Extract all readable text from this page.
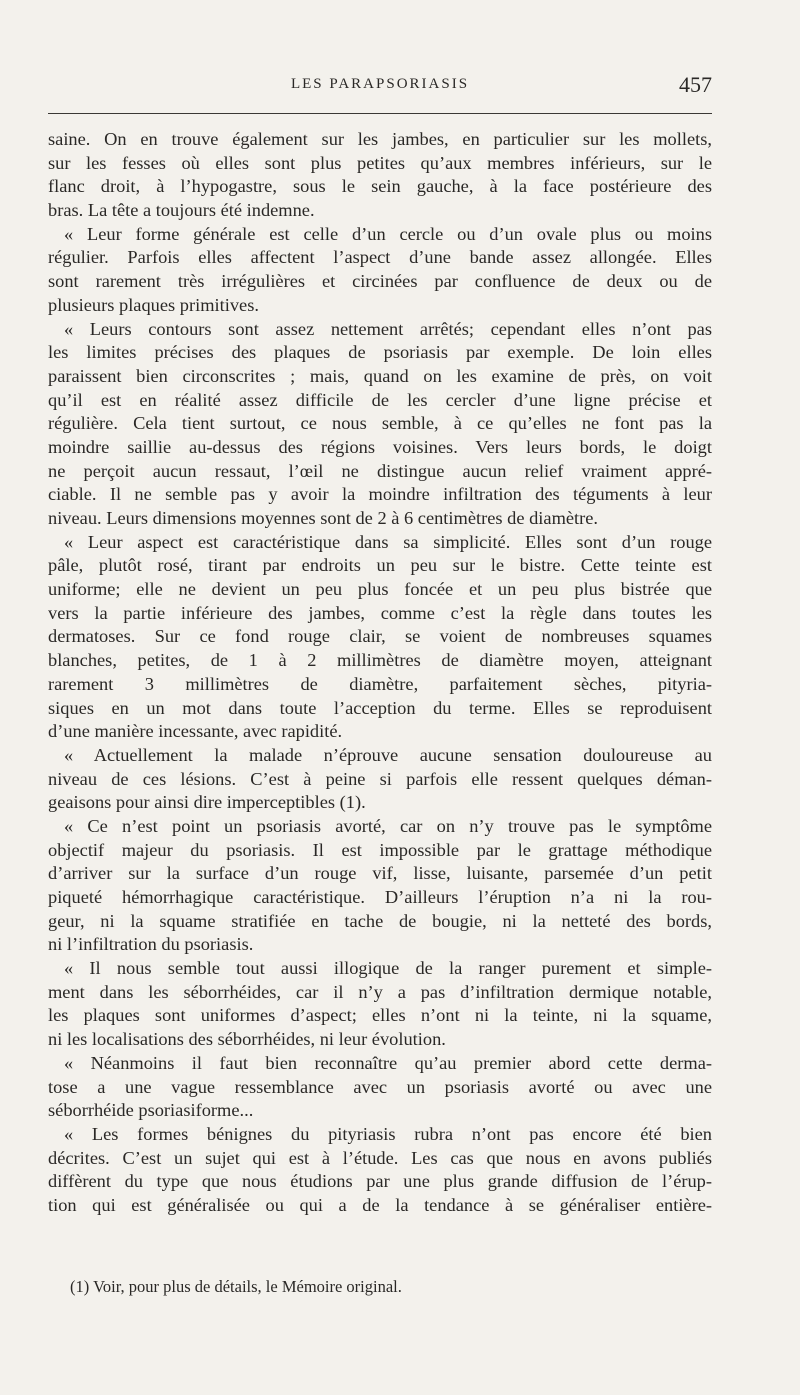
LES PARAPSORIASIS	457
saine. On en trouve également sur les jambes, en particulier sur les mollets,
sur les fesses où elles sont plus petites qu’aux membres inférieurs, sur le
flanc droit, à l’hypogastre, sous le sein gauche, à la face postérieure des
bras. La tête a toujours été indemne.
« Leur forme générale est celle d’un cercle ou d’un ovale plus ou moins
régulier. Parfois elles affectent l’aspect d’une bande assez allongée. Elles
sont rarement très irrégulières et circinées par confluence de deux ou de
plusieurs plaques primitives.
« Leurs contours sont assez nettement arrêtés; cependant elles n’ont pas
les limites précises des plaques de psoriasis par exemple. De loin elles
paraissent bien circonscrites ; mais, quand on les examine de près, on voit
qu’il est en réalité assez difficile de les cercler d’une ligne précise et
régulière. Cela tient surtout, ce nous semble, à ce qu’elles ne font pas la
moindre saillie au-dessus des régions voisines. Vers leurs bords, le doigt
ne perçoit aucun ressaut, l’œil ne distingue aucun relief vraiment appré-
ciable. Il ne semble pas y avoir la moindre infiltration des téguments à leur
niveau. Leurs dimensions moyennes sont de 2 à 6 centimètres de diamètre.
« Leur aspect est caractéristique dans sa simplicité. Elles sont d’un rouge
pâle, plutôt rosé, tirant par endroits un peu sur le bistre. Cette teinte est
uniforme; elle ne devient un peu plus foncée et un peu plus bistrée que
vers la partie inférieure des jambes, comme c’est la règle dans toutes les
dermatoses. Sur ce fond rouge clair, se voient de nombreuses squames
blanches, petites, de 1 à 2 millimètres de diamètre moyen, atteignant
rarement 3 millimètres de diamètre, parfaitement sèches, pityria-
siques en un mot dans toute l’acception du terme. Elles se reproduisent
d’une manière incessante, avec rapidité.
« Actuellement la malade n’éprouve aucune sensation douloureuse au
niveau de ces lésions. C’est à peine si parfois elle ressent quelques déman-
geaisons pour ainsi dire imperceptibles (1).
« Ce n’est point un psoriasis avorté, car on n’y trouve pas le symptôme
objectif majeur du psoriasis. Il est impossible par le grattage méthodique
d’arriver sur la surface d’un rouge vif, lisse, luisante, parsemée d’un petit
piqueté hémorrhagique caractéristique. D’ailleurs l’éruption n’a ni la rou-
geur, ni la squame stratifiée en tache de bougie, ni la netteté des bords,
ni l’infiltration du psoriasis.
« Il nous semble tout aussi illogique de la ranger purement et simple-
ment dans les séborrhéides, car il n’y a pas d’infiltration dermique notable,
les plaques sont uniformes d’aspect; elles n’ont ni la teinte, ni la squame,
ni les localisations des séborrhéides, ni leur évolution.
« Néanmoins il faut bien reconnaître qu’au premier abord cette derma-
tose a une vague ressemblance avec un psoriasis avorté ou avec une
séborrhéide psoriasiforme...
« Les formes bénignes du pityriasis rubra n’ont pas encore été bien
décrites. C’est un sujet qui est à l’étude. Les cas que nous en avons publiés
diffèrent du type que nous étudions par une plus grande diffusion de l’érup-
tion qui est généralisée ou qui a de la tendance à se généraliser entière-
(1) Voir, pour plus de détails, le Mémoire original.
